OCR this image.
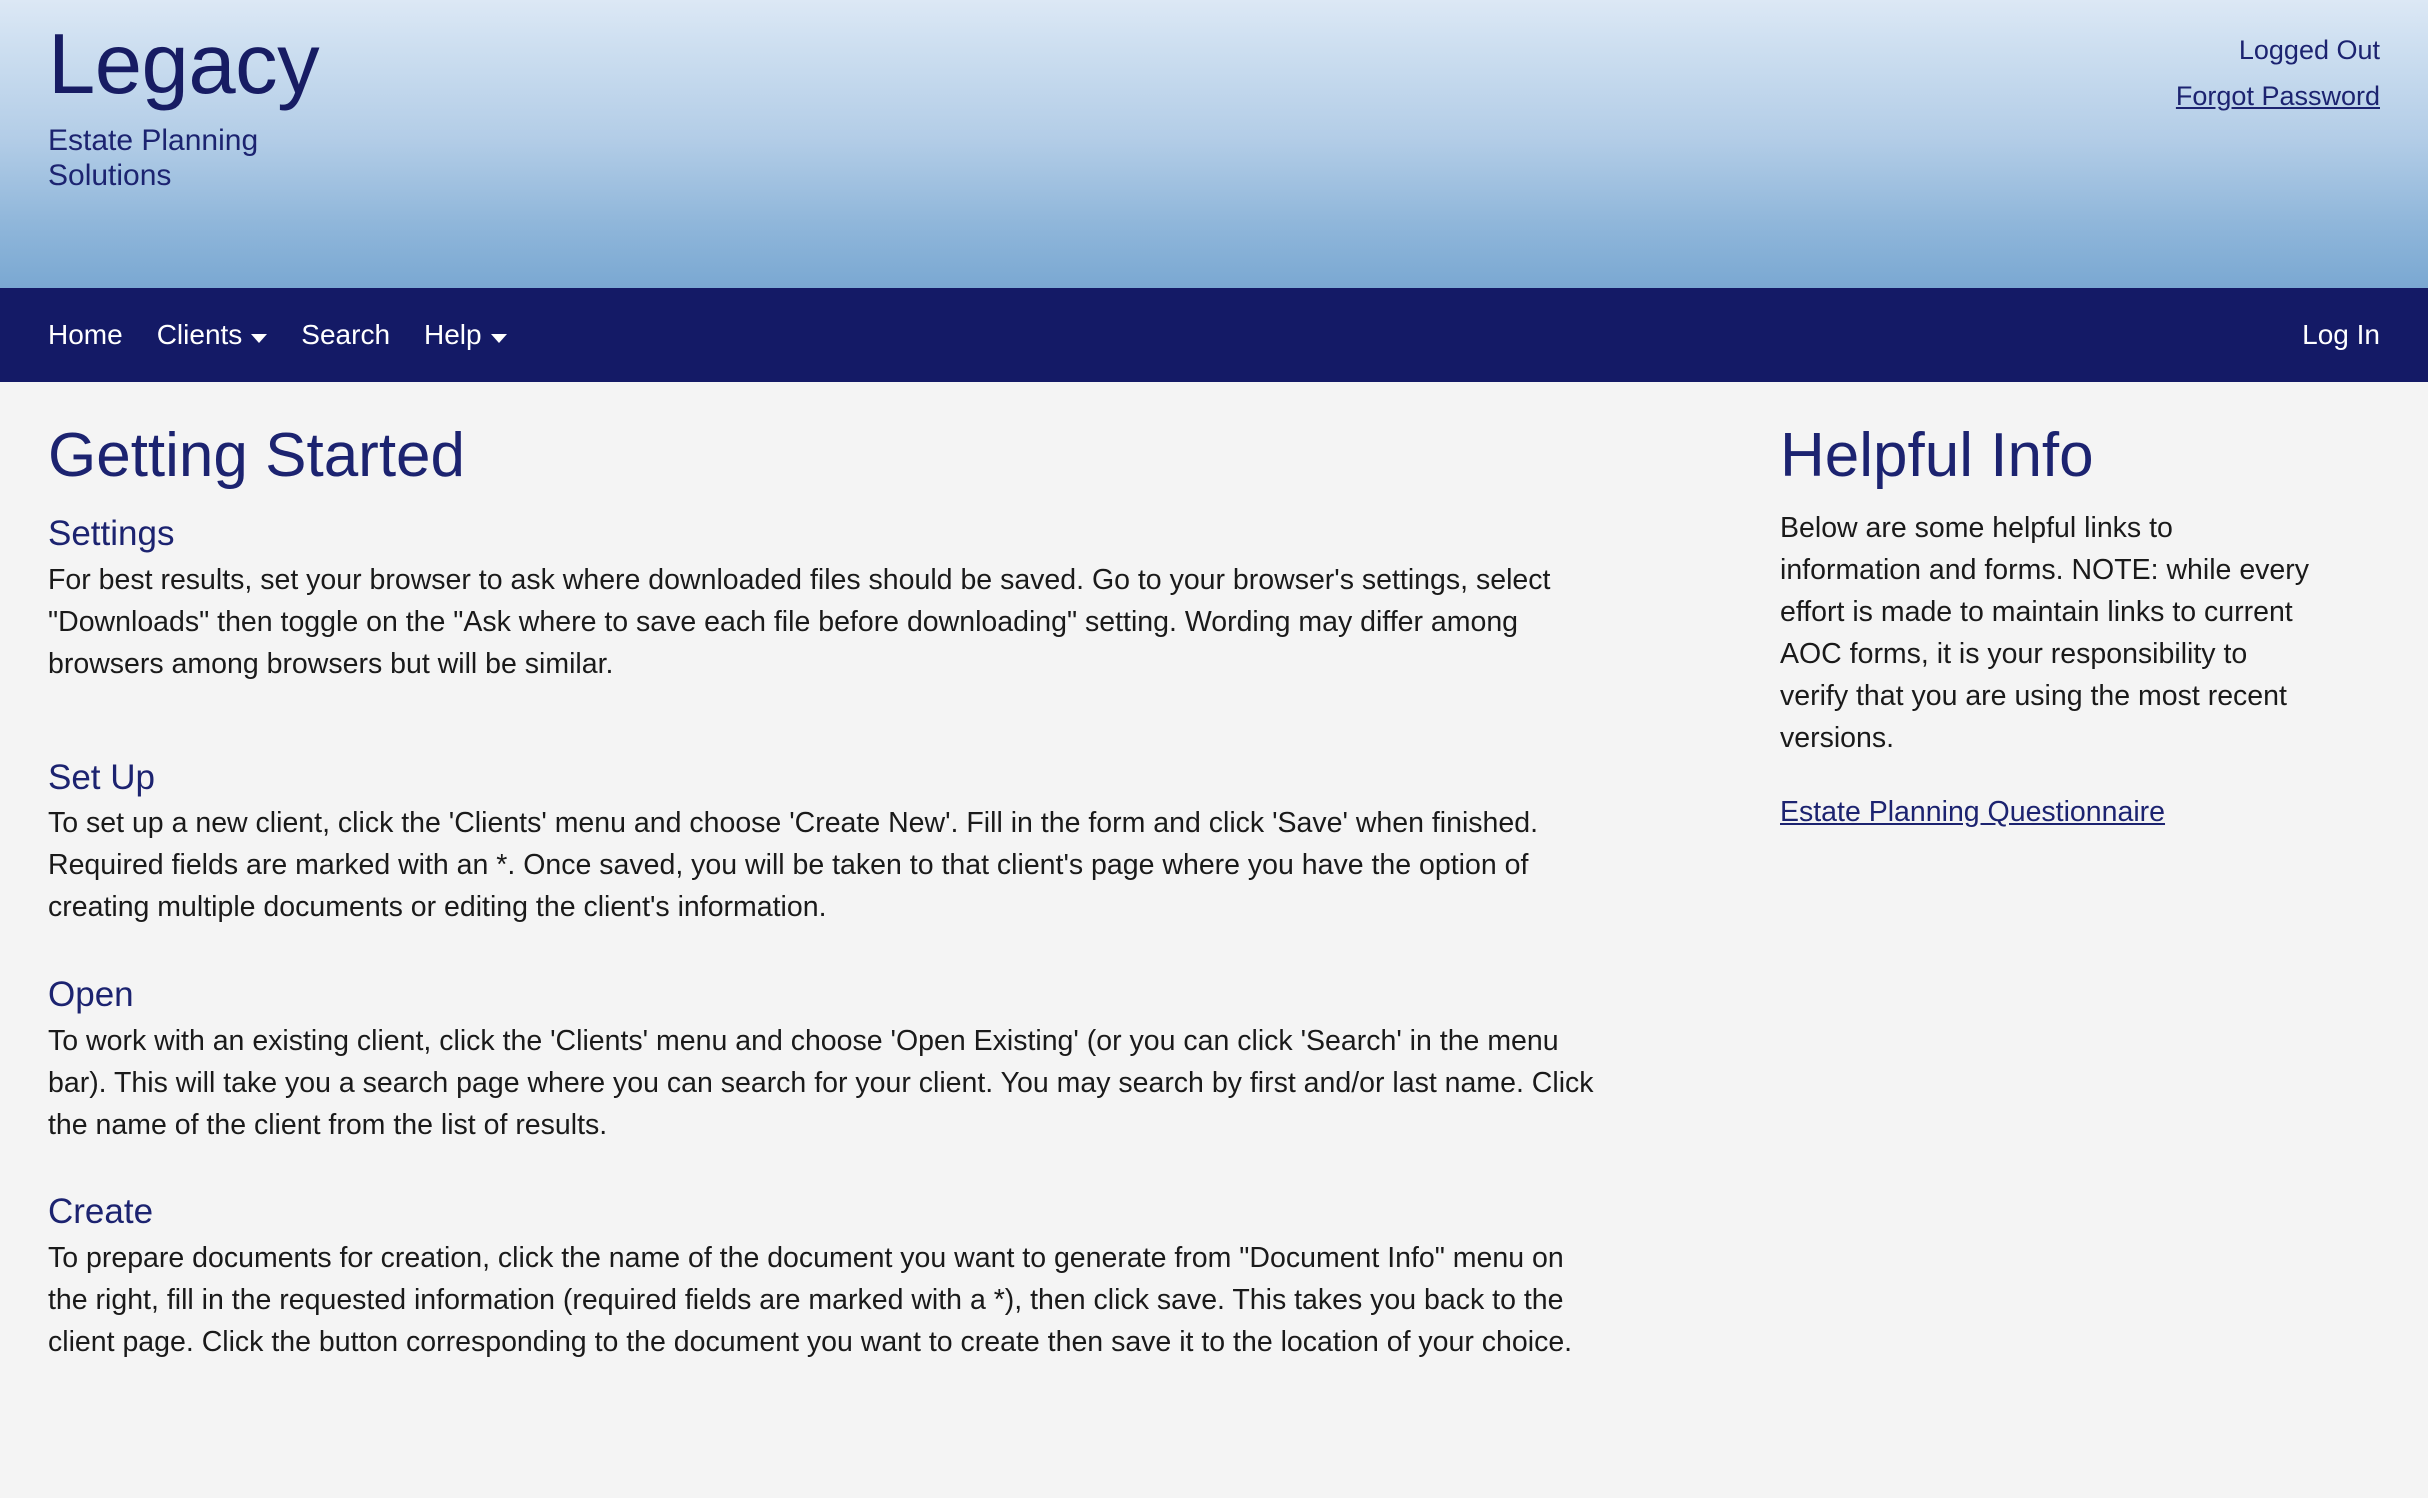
Legacy
Estate Planning Solutions
Logged Out
Forgot Password
Home Clients Search Help	Log In
Getting Started
Settings

For best results, set your browser to ask where downloaded files should be saved. Go to your browser's settings, select "Downloads" then toggle on the "Ask where to save each file before downloading" setting. Wording may differ among browsers among browsers but will be similar.

Set Up

To set up a new client, click the 'Clients' menu and choose 'Create New'. Fill in the form and click 'Save' when finished. Required fields are marked with an *. Once saved, you will be taken to that client's page where you have the option of creating multiple documents or editing the client's information.

Open

To work with an existing client, click the 'Clients' menu and choose 'Open Existing' (or you can click 'Search' in the menu bar). This will take you a search page where you can search for your client. You may search by first and/or last name. Click the name of the client from the list of results.

Create

To prepare documents for creation, click the name of the document you want to generate from "Document Info" menu on the right, fill in the requested information (required fields are marked with a *), then click save. This takes you back to the client page. Click the button corresponding to the document you want to create then save it to the location of your choice.

Helpful Info

Below are some helpful links to information and forms. NOTE: while every effort is made to maintain links to current AOC forms, it is your responsibility to verify that you are using the most recent versions.

Estate Planning Questionnaire
